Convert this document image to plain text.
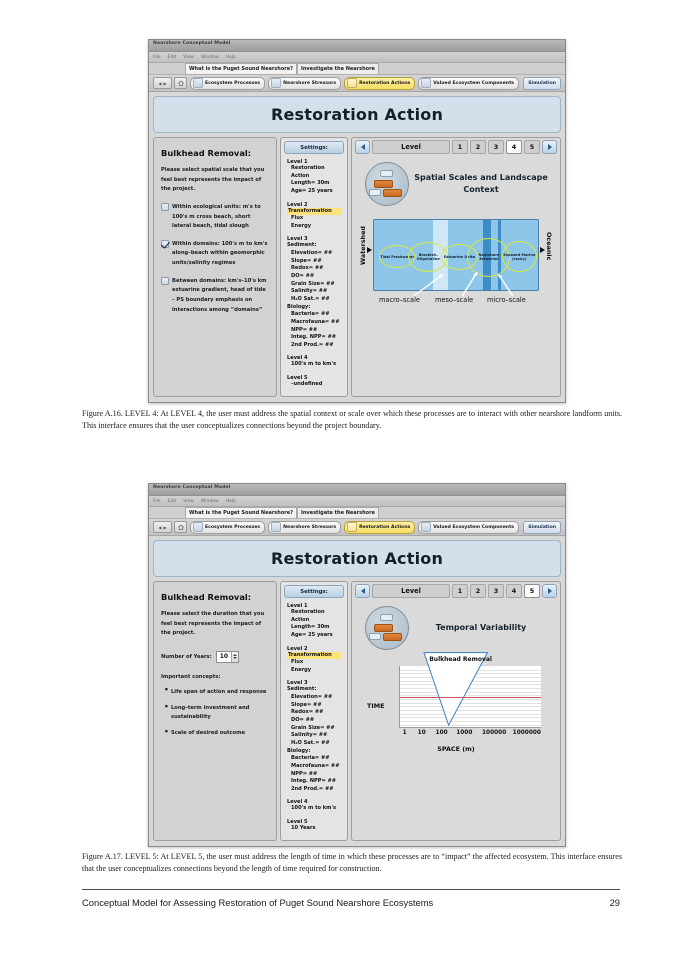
Nearshore Conceptual Model
File Edit View Window Help
What is the Puget Sound Nearshore?	Investigate the Nearshore
◀ ▶	Ecosystem Processes	Nearshore Stressors	Restoration Actions	Valued Ecosystem Components	Simulation
Restoration Action
Bulkhead Removal:
Please select spatial scale that you feel best represents the impact of the project.
Within ecological units: m's to 100's m cross beach, short lateral beach, tidal slough
Within domains: 100's m to km's along–beach within geomorphic units/salinity regimes
Between domains: km's–10's km estuarine gradient, head of tide – PS boundary emphasis on interactions among “domains”
Settings:
Level 1
Restoration Action
Length= 30m
Age= 25 years
Level 2
Transformation
Flux
Energy
Level 3
Sediment:
Elevation= ##
Slope= ##
Redox= ##
DO= ##
Grain Size= ##
Salinity= ##
H₂O Sat.= ##
Biology:
Bacteria= ##
Macrofauna= ##
NPP= ##
Integ. NPP= ##
2nd Prod.= ##
Level 4
100's m to km's
Level 5
–undefined
Level	1 2 3 4 5

Spatial Scales and Landscape Context
Watershed	Oceanic
Tidal Freshwater
Brackish– Oligohaline
Estuarine Delta Nearshore Estuarine
Exposed Marine (rocky)
macro–scale meso–scale micro–scale
Figure A.16. LEVEL 4: At LEVEL 4, the user must address the spatial context or scale over which these processes are to interact with other nearshore landform units. This interface ensures that the user conceptualizes connections beyond the project boundary.
Nearshore Conceptual Model
File Edit View Window Help
What is the Puget Sound Nearshore?	Investigate the Nearshore
◀ ▶	Ecosystem Processes	Nearshore Stressors	Restoration Actions	Valued Ecosystem Components	Simulation
Restoration Action
Bulkhead Removal:
Please select the duration that you feel best represents the impact of the project.
Number of Years:	10
Important concepts:
● Life span of action and response
● Long–term investment and sustainability
● Scale of desired outcome
Settings:
Level 1
Restoration Action
Length= 30m
Age= 25 years
Level 2
Transformation
Flux
Energy
Level 3
Sediment:
Elevation= ##
Slope= ##
Redox= ##
DO= ##
Grain Size= ##
Salinity= ##
H₂O Sat.= ##
Biology:
Bacteria= ##
Macrofauna= ##
NPP= ##
Integ. NPP= ##
2nd Prod.= ##
Level 4
100's m to km's
Level 5
10 Years
Level	1 2 3 4 5
Temporal Variability
Bulkhead Removal
TIME
1 10 100 1000 100000 1000000
SPACE (m)
Figure A.17. LEVEL 5: At LEVEL 5, the user must address the length of time in which these processes are to “impact” the affected ecosystem. This interface ensures that the user conceptualizes connections beyond the length of time required for construction.
Conceptual Model for Assessing Restoration of Puget Sound Nearshore Ecosystems	29
